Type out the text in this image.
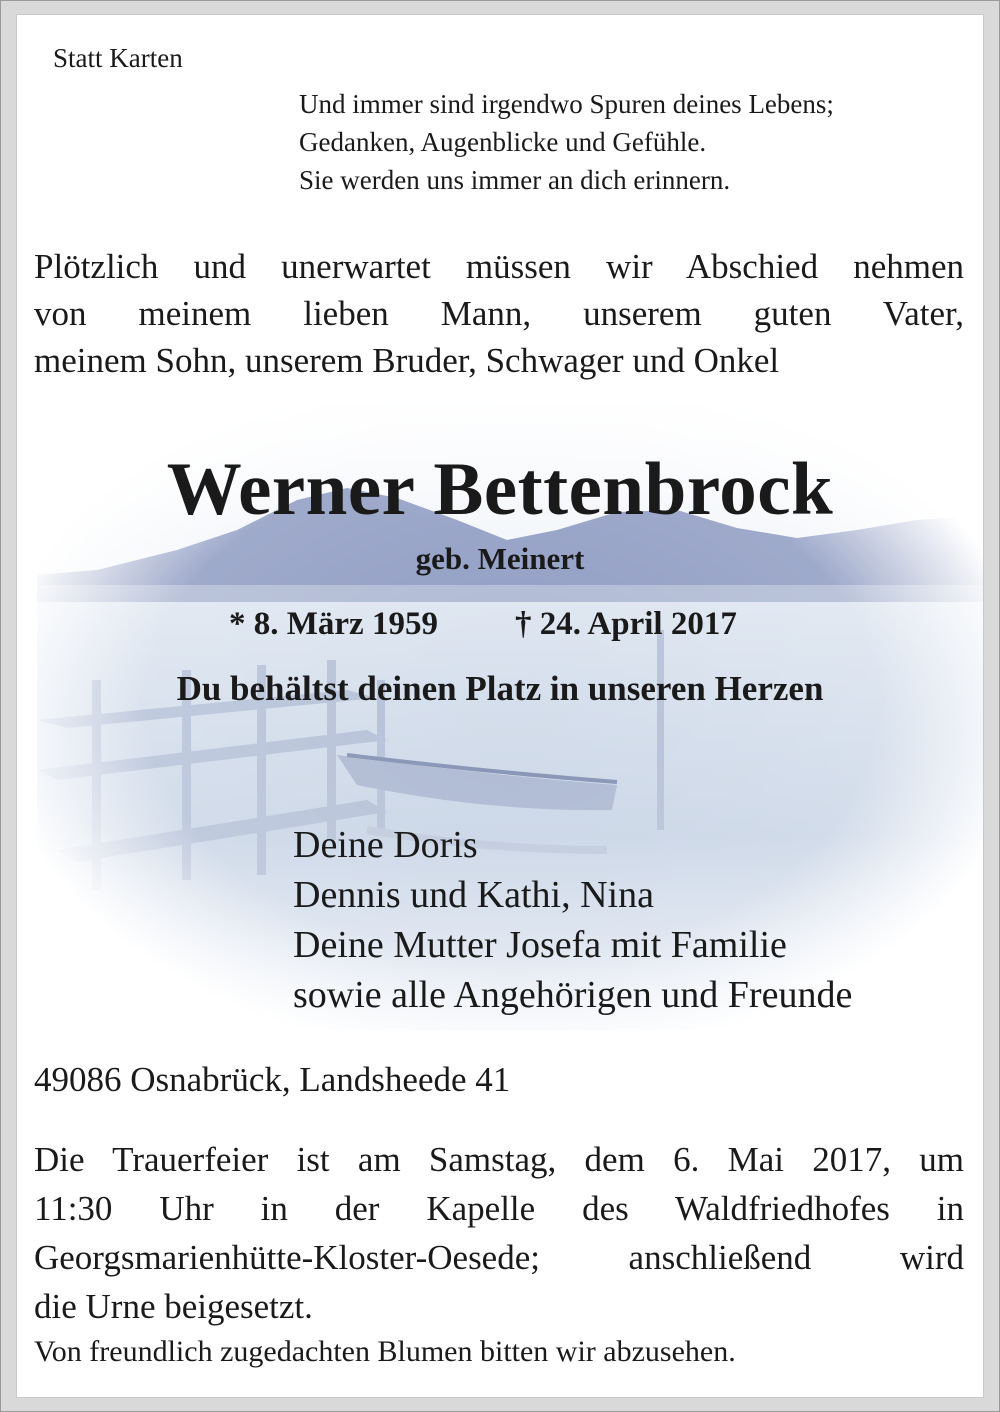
Statt Karten
Und immer sind irgendwo Spuren deines Lebens;
Gedanken, Augenblicke und Gefühle.
Sie werden uns immer an dich erinnern.
Plötzlich und unerwartet müssen wir Abschied nehmen
von meinem lieben Mann, unserem guten Vater,
meinem Sohn, unserem Bruder, Schwager und Onkel
Werner Bettenbrock
geb. Meinert
* 8. März 1959 † 24. April 2017
Du behältst deinen Platz in unseren Herzen
Deine Doris
Dennis und Kathi, Nina
Deine Mutter Josefa mit Familie
sowie alle Angehörigen und Freunde
49086 Osnabrück, Landsheede 41
Die Trauerfeier ist am Samstag, dem 6. Mai 2017, um
11:30 Uhr in der Kapelle des Waldfriedhofes in
Georgsmarienhütte-Kloster-Oesede; anschließend wird
die Urne beigesetzt.
Von freundlich zugedachten Blumen bitten wir abzusehen.
